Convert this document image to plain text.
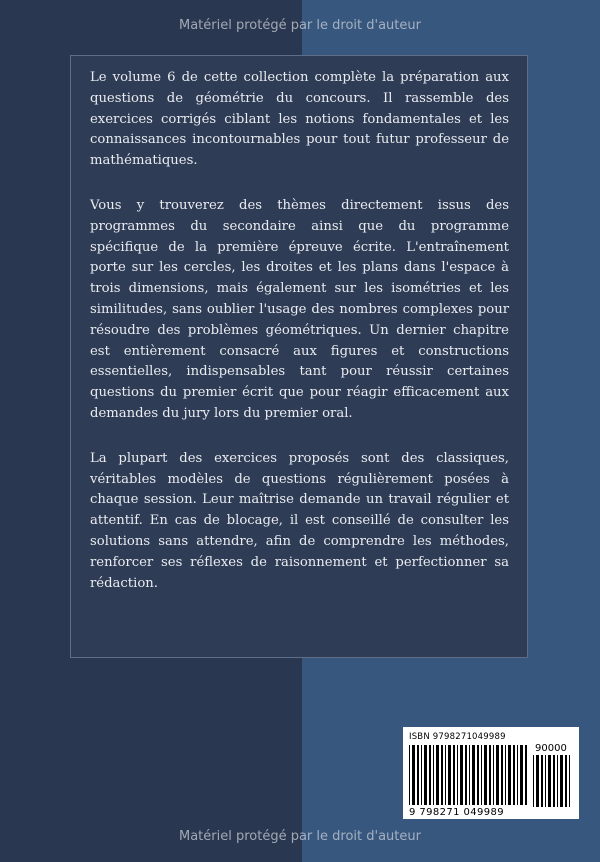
Matériel protégé par le droit d'auteur

Le volume 6 de cette collection complète la préparation aux questions de géométrie du concours. Il rassemble des exercices corrigés ciblant les notions fondamentales et les connaissances incontournables pour tout futur professeur de mathématiques.

Vous y trouverez des thèmes directement issus des programmes du secondaire ainsi que du programme spécifique de la première épreuve écrite. L'entraînement porte sur les cercles, les droites et les plans dans l'espace à trois dimensions, mais également sur les isométries et les similitudes, sans oublier l'usage des nombres complexes pour résoudre des problèmes géométriques. Un dernier chapitre est entièrement consacré aux figures et constructions essentielles, indispensables tant pour réussir certaines questions du premier écrit que pour réagir efficacement aux demandes du jury lors du premier oral.

La plupart des exercices proposés sont des classiques, véritables modèles de questions régulièrement posées à chaque session. Leur maîtrise demande un travail régulier et attentif. En cas de blocage, il est conseillé de consulter les solutions sans attendre, afin de comprendre les méthodes, renforcer ses réflexes de raisonnement et perfectionner sa rédaction.

ISBN 9798271049989
90000
9 798271 049989
Matériel protégé par le droit d'auteur
